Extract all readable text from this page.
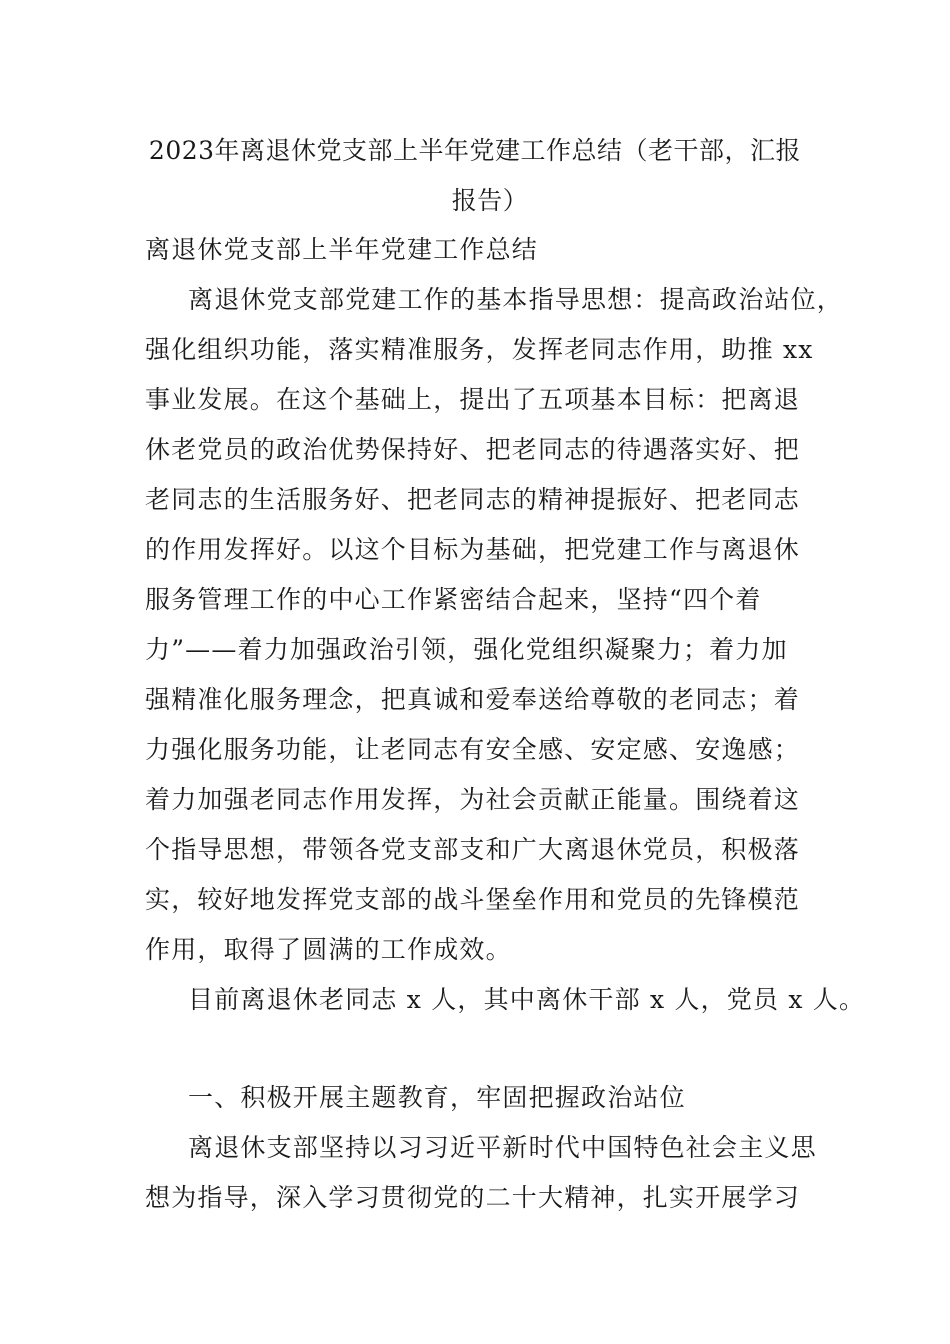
2023年离退休党支部上半年党建工作总结（老干部，汇报
报告）
离退休党支部上半年党建工作总结
离退休党支部党建工作的基本指导思想：提高政治站位，
强化组织功能，落实精准服务，发挥老同志作用，助推 xx
事业发展。在这个基础上，提出了五项基本目标：把离退
休老党员的政治优势保持好、把老同志的待遇落实好、把
老同志的生活服务好、把老同志的精神提振好、把老同志
的作用发挥好。以这个目标为基础，把党建工作与离退休
服务管理工作的中心工作紧密结合起来，坚持“四个着
力”——着力加强政治引领，强化党组织凝聚力；着力加
强精准化服务理念，把真诚和爱奉送给尊敬的老同志；着
力强化服务功能，让老同志有安全感、安定感、安逸感；
着力加强老同志作用发挥，为社会贡献正能量。围绕着这
个指导思想，带领各党支部支和广大离退休党员，积极落
实，较好地发挥党支部的战斗堡垒作用和党员的先锋模范
作用，取得了圆满的工作成效。
目前离退休老同志 x 人，其中离休干部 x 人，党员 x 人。
一、积极开展主题教育，牢固把握政治站位
离退休支部坚持以习习近平新时代中国特色社会主义思
想为指导，深入学习贯彻党的二十大精神，扎实开展学习
